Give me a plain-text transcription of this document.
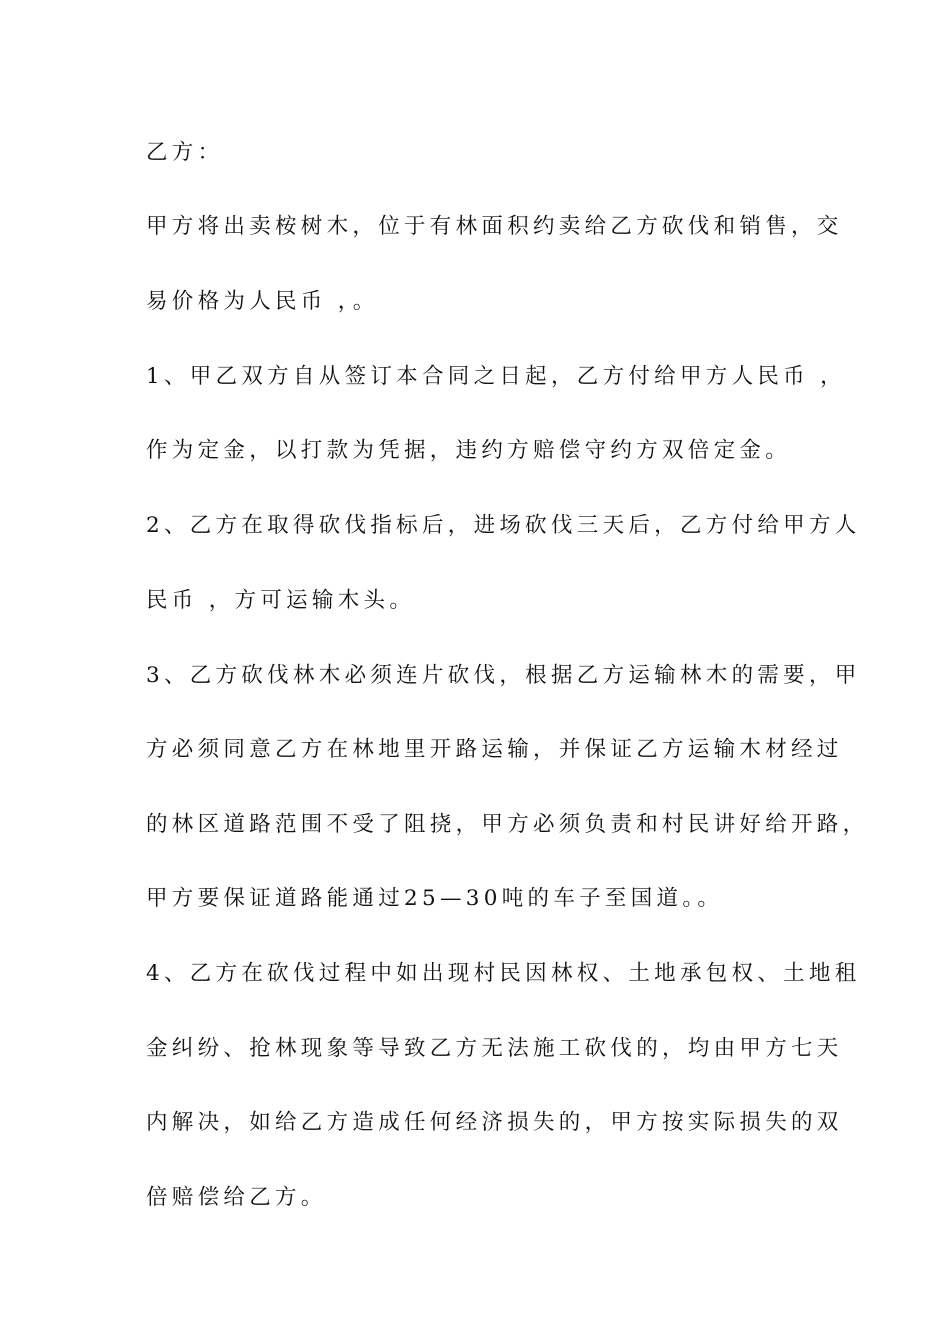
乙方：
甲方将出卖桉树木，位于有林面积约卖给乙方砍伐和销售，交
易价格为人民币 ，。
1、甲乙双方自从签订本合同之日起，乙方付给甲方人民币 ，
作为定金，以打款为凭据，违约方赔偿守约方双倍定金。
2、乙方在取得砍伐指标后，进场砍伐三天后，乙方付给甲方人
民币 ，方可运输木头。
3、乙方砍伐林木必须连片砍伐，根据乙方运输林木的需要，甲
方必须同意乙方在林地里开路运输，并保证乙方运输木材经过
的林区道路范围不受了阻挠，甲方必须负责和村民讲好给开路，
甲方要保证道路能通过25—30吨的车子至国道。。
4、乙方在砍伐过程中如出现村民因林权、土地承包权、土地租
金纠纷、抢林现象等导致乙方无法施工砍伐的，均由甲方七天
内解决，如给乙方造成任何经济损失的，甲方按实际损失的双
倍赔偿给乙方。
